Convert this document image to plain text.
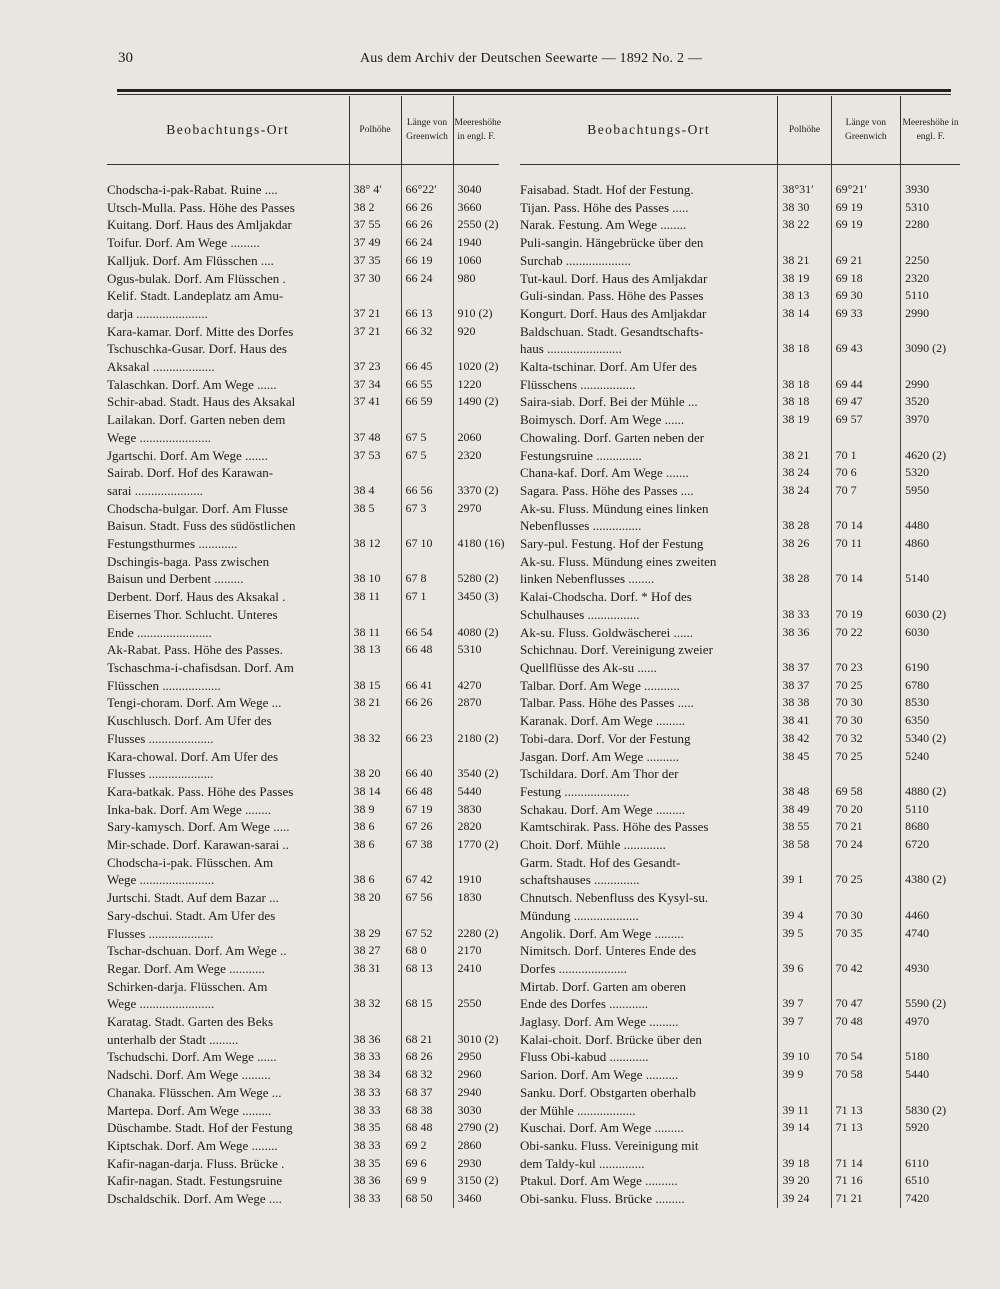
30	Aus dem Archiv der Deutschen Seewarte — 1892 No. 2 —
Beobachtungs-Ort	Polhöhe	Länge von Greenwich	Meereshöhe in engl. F.
Chodscha-i-pak-Rabat. Ruine ....	38° 4′	66°22′	3040
Utsch-Mulla. Pass. Höhe des Passes	38 2	66 26	3660
Kuitang. Dorf. Haus des Amljakdar	37 55	66 26	2550 (2)
Toifur. Dorf. Am Wege .........	37 49	66 24	1940
Kalljuk. Dorf. Am Flüsschen ....	37 35	66 19	1060
Ogus-bulak. Dorf. Am Flüsschen .	37 30	66 24	980
Kelif. Stadt. Landeplatz am Amu-			
darja ......................	37 21	66 13	910 (2)
Kara-kamar. Dorf. Mitte des Dorfes	37 21	66 32	920
Tschuschka-Gusar. Dorf. Haus des			
Aksakal ...................	37 23	66 45	1020 (2)
Talaschkan. Dorf. Am Wege ......	37 34	66 55	1220
Schir-abad. Stadt. Haus des Aksakal	37 41	66 59	1490 (2)
Lailakan. Dorf. Garten neben dem			
Wege ......................	37 48	67 5	2060
Jgartschi. Dorf. Am Wege .......	37 53	67 5	2320
Sairab. Dorf. Hof des Karawan-			
sarai .....................	38 4	66 56	3370 (2)
Chodscha-bulgar. Dorf. Am Flusse	38 5	67 3	2970
Baisun. Stadt. Fuss des südöstlichen			
Festungsthurmes ............	38 12	67 10	4180 (16)
Dschingis-baga. Pass zwischen			
Baisun und Derbent .........	38 10	67 8	5280 (2)
Derbent. Dorf. Haus des Aksakal .	38 11	67 1	3450 (3)
Eisernes Thor. Schlucht. Unteres			
Ende .......................	38 11	66 54	4080 (2)
Ak-Rabat. Pass. Höhe des Passes.	38 13	66 48	5310
Tschaschma-i-chafisdsan. Dorf. Am			
Flüsschen ..................	38 15	66 41	4270
Tengi-choram. Dorf. Am Wege ...	38 21	66 26	2870
Kuschlusch. Dorf. Am Ufer des			
Flusses ....................	38 32	66 23	2180 (2)
Kara-chowal. Dorf. Am Ufer des			
Flusses ....................	38 20	66 40	3540 (2)
Kara-batkak. Pass. Höhe des Passes	38 14	66 48	5440
Inka-bak. Dorf. Am Wege ........	38 9	67 19	3830
Sary-kamysch. Dorf. Am Wege .....	38 6	67 26	2820
Mir-schade. Dorf. Karawan-sarai ..	38 6	67 38	1770 (2)
Chodscha-i-pak. Flüsschen. Am			
Wege .......................	38 6	67 42	1910
Jurtschi. Stadt. Auf dem Bazar ...	38 20	67 56	1830
Sary-dschui. Stadt. Am Ufer des			
Flusses ....................	38 29	67 52	2280 (2)
Tschar-dschuan. Dorf. Am Wege ..	38 27	68 0	2170
Regar. Dorf. Am Wege ...........	38 31	68 13	2410
Schirken-darja. Flüsschen. Am			
Wege .......................	38 32	68 15	2550
Karatag. Stadt. Garten des Beks			
unterhalb der Stadt .........	38 36	68 21	3010 (2)
Tschudschi. Dorf. Am Wege ......	38 33	68 26	2950
Nadschi. Dorf. Am Wege .........	38 34	68 32	2960
Chanaka. Flüsschen. Am Wege ...	38 33	68 37	2940
Martepa. Dorf. Am Wege .........	38 33	68 38	3030
Düschambe. Stadt. Hof der Festung	38 35	68 48	2790 (2)
Kiptschak. Dorf. Am Wege ........	38 33	69 2	2860
Kafir-nagan-darja. Fluss. Brücke .	38 35	69 6	2930
Kafir-nagan. Stadt. Festungsruine	38 36	69 9	3150 (2)
Dschaldschik. Dorf. Am Wege ....	38 33	68 50	3460
Beobachtungs-Ort	Polhöhe	Länge von Greenwich	Meereshöhe in engl. F.
Faisabad. Stadt. Hof der Festung.	38°31′	69°21′	3930
Tijan. Pass. Höhe des Passes .....	38 30	69 19	5310
Narak. Festung. Am Wege ........	38 22	69 19	2280
Puli-sangin. Hängebrücke über den			
Surchab ....................	38 21	69 21	2250
Tut-kaul. Dorf. Haus des Amljakdar	38 19	69 18	2320
Guli-sindan. Pass. Höhe des Passes	38 13	69 30	5110
Kongurt. Dorf. Haus des Amljakdar	38 14	69 33	2990
Baldschuan. Stadt. Gesandtschafts-			
haus .......................	38 18	69 43	3090 (2)
Kalta-tschinar. Dorf. Am Ufer des			
Flüsschens .................	38 18	69 44	2990
Saira-siab. Dorf. Bei der Mühle ...	38 18	69 47	3520
Boimysch. Dorf. Am Wege ......	38 19	69 57	3970
Chowaling. Dorf. Garten neben der			
Festungsruine ..............	38 21	70 1	4620 (2)
Chana-kaf. Dorf. Am Wege .......	38 24	70 6	5320
Sagara. Pass. Höhe des Passes ....	38 24	70 7	5950
Ak-su. Fluss. Mündung eines linken			
Nebenflusses ...............	38 28	70 14	4480
Sary-pul. Festung. Hof der Festung	38 26	70 11	4860
Ak-su. Fluss. Mündung eines zweiten			
linken Nebenflusses ........	38 28	70 14	5140
Kalai-Chodscha. Dorf. * Hof des			
Schulhauses ................	38 33	70 19	6030 (2)
Ak-su. Fluss. Goldwäscherei ......	38 36	70 22	6030
Schichnau. Dorf. Vereinigung zweier			
Quellflüsse des Ak-su ......	38 37	70 23	6190
Talbar. Dorf. Am Wege ...........	38 37	70 25	6780
Talbar. Pass. Höhe des Passes .....	38 38	70 30	8530
Karanak. Dorf. Am Wege .........	38 41	70 30	6350
Tobi-dara. Dorf. Vor der Festung	38 42	70 32	5340 (2)
Jasgan. Dorf. Am Wege ..........	38 45	70 25	5240
Tschildara. Dorf. Am Thor der			
Festung ....................	38 48	69 58	4880 (2)
Schakau. Dorf. Am Wege .........	38 49	70 20	5110
Kamtschirak. Pass. Höhe des Passes	38 55	70 21	8680
Choit. Dorf. Mühle .............	38 58	70 24	6720
Garm. Stadt. Hof des Gesandt-			
schaftshauses ..............	39 1	70 25	4380 (2)
Chnutsch. Nebenfluss des Kysyl-su.			
Mündung ....................	39 4	70 30	4460
Angolik. Dorf. Am Wege .........	39 5	70 35	4740
Nimitsch. Dorf. Unteres Ende des			
Dorfes .....................	39 6	70 42	4930
Mirtab. Dorf. Garten am oberen			
Ende des Dorfes ............	39 7	70 47	5590 (2)
Jaglasy. Dorf. Am Wege .........	39 7	70 48	4970
Kalai-choit. Dorf. Brücke über den			
Fluss Obi-kabud ............	39 10	70 54	5180
Sarion. Dorf. Am Wege ..........	39 9	70 58	5440
Sanku. Dorf. Obstgarten oberhalb			
der Mühle ..................	39 11	71 13	5830 (2)
Kuschai. Dorf. Am Wege .........	39 14	71 13	5920
Obi-sanku. Fluss. Vereinigung mit			
dem Taldy-kul ..............	39 18	71 14	6110
Ptakul. Dorf. Am Wege ..........	39 20	71 16	6510
Obi-sanku. Fluss. Brücke .........	39 24	71 21	7420
